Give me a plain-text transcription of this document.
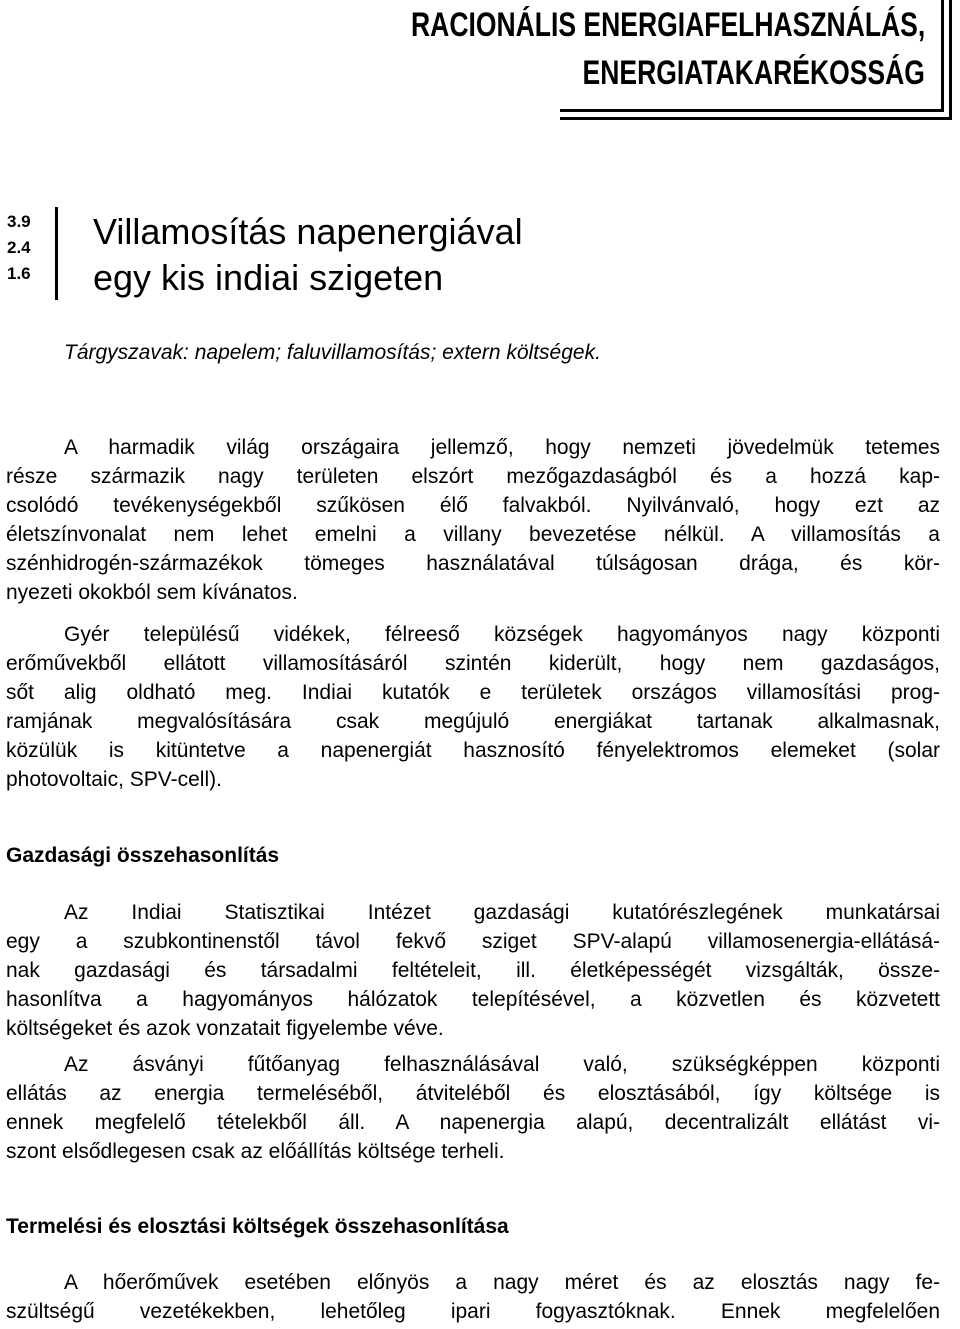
RACIONÁLIS ENERGIAFELHASZNÁLÁS,
ENERGIATAKARÉKOSSÁG
3.9
2.4
1.6
Villamosítás napenergiával
egy kis indiai szigeten
Tárgyszavak: napelem; faluvillamosítás; extern költségek.
A harmadik világ országaira jellemző, hogy nemzeti jövedelmük tetemes
része származik nagy területen elszórt mezőgazdaságból és a hozzá kap-
csolódó tevékenységekből szűkösen élő falvakból. Nyilvánvaló, hogy ezt az
életszínvonalat nem lehet emelni a villany bevezetése nélkül. A villamosítás a
szénhidrogén-származékok tömeges használatával túlságosan drága, és kör-
nyezeti okokból sem kívánatos.
Gyér településű vidékek, félreeső községek hagyományos nagy központi
erőművekből ellátott villamosításáról szintén kiderült, hogy nem gazdaságos,
sőt alig oldható meg. Indiai kutatók e területek országos villamosítási prog-
ramjának megvalósítására csak megújuló energiákat tartanak alkalmasnak,
közülük is kitüntetve a napenergiát hasznosító fényelektromos elemeket (solar
photovoltaic, SPV-cell).
Gazdasági összehasonlítás
Az Indiai Statisztikai Intézet gazdasági kutatórészlegének munkatársai
egy a szubkontinenstől távol fekvő sziget SPV-alapú villamosenergia-ellátásá-
nak gazdasági és társadalmi feltételeit, ill. életképességét vizsgálták, össze-
hasonlítva a hagyományos hálózatok telepítésével, a közvetlen és közvetett
költségeket és azok vonzatait figyelembe véve.
Az ásványi fűtőanyag felhasználásával való, szükségképpen központi
ellátás az energia termeléséből, átviteléből és elosztásából, így költsége is
ennek megfelelő tételekből áll. A napenergia alapú, decentralizált ellátást vi-
szont elsődlegesen csak az előállítás költsége terheli.
Termelési és elosztási költségek összehasonlítása
A hőerőművek esetében előnyös a nagy méret és az elosztás nagy fe-
szültségű vezetékekben, lehetőleg ipari fogyasztóknak. Ennek megfelelően
